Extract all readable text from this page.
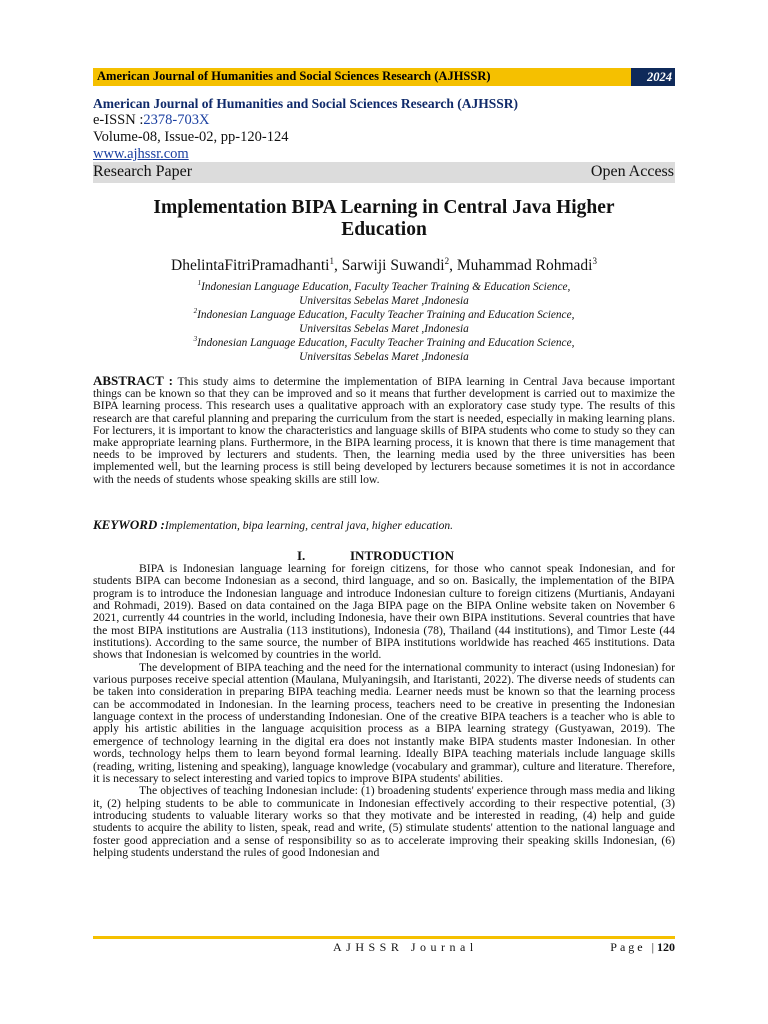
American Journal of Humanities and Social Sciences Research (AJHSSR)	2024
American Journal of Humanities and Social Sciences Research (AJHSSR)
e-ISSN :2378-703X
Volume-08, Issue-02, pp-120-124
www.ajhssr.com
Research Paper	Open Access
Implementation BIPA Learning in Central Java Higher
Education
DhelintaFitriPramadhanti$^1$, Sarwiji Suwandi$^2$, Muhammad Rohmadi$^3$
$^1$Indonesian Language Education, Faculty Teacher Training & Education Science,
Universitas Sebelas Maret ,Indonesia
$^2$Indonesian Language Education, Faculty Teacher Training and Education Science,
Universitas Sebelas Maret ,Indonesia
$^3$Indonesian Language Education, Faculty Teacher Training and Education Science,
Universitas Sebelas Maret ,Indonesia
ABSTRACT : This study aims to determine the implementation of BIPA learning in Central Java because important things can be known so that they can be improved and so it means that further development is carried out to maximize the BIPA learning process. This research uses a qualitative approach with an exploratory case study type. The results of this research are that careful planning and preparing the curriculum from the start is needed, especially in making learning plans. For lecturers, it is important to know the characteristics and language skills of BIPA students who come to study so they can make appropriate learning plans. Furthermore, in the BIPA learning process, it is known that there is time management that needs to be improved by lecturers and students. Then, the learning media used by the three universities has been implemented well, but the learning process is still being developed by lecturers because sometimes it is not in accordance with the needs of students whose speaking skills are still low.
KEYWORD :Implementation, bipa learning, central java, higher education.
I.	INTRODUCTION

BIPA is Indonesian language learning for foreign citizens, for those who cannot speak Indonesian, and for students BIPA can become Indonesian as a second, third language, and so on. Basically, the implementation of the BIPA program is to introduce the Indonesian language and introduce Indonesian culture to foreign citizens (Murtianis, Andayani and Rohmadi, 2019). Based on data contained on the Jaga BIPA page on the BIPA Online website taken on November 6 2021, currently 44 countries in the world, including Indonesia, have their own BIPA institutions. Several countries that have the most BIPA institutions are Australia (113 institutions), Indonesia (78), Thailand (44 institutions), and Timor Leste (44 institutions). According to the same source, the number of BIPA institutions worldwide has reached 465 institutions. Data shows that Indonesian is welcomed by countries in the world.

The development of BIPA teaching and the need for the international community to interact (using Indonesian) for various purposes receive special attention (Maulana, Mulyaningsih, and Itaristanti, 2022). The diverse needs of students can be taken into consideration in preparing BIPA teaching media. Learner needs must be known so that the learning process can be accommodated in Indonesian. In the learning process, teachers need to be creative in presenting the Indonesian language context in the process of understanding Indonesian. One of the creative BIPA teachers is a teacher who is able to apply his artistic abilities in the language acquisition process as a BIPA learning strategy (Gustyawan, 2019). The emergence of technology learning in the digital era does not instantly make BIPA students master Indonesian. In other words, technology helps them to learn beyond formal learning. Ideally BIPA teaching materials include language skills (reading, writing, listening and speaking), language knowledge (vocabulary and grammar), culture and literature. Therefore, it is necessary to select interesting and varied topics to improve BIPA students' abilities.

The objectives of teaching Indonesian include: (1) broadening students' experience through mass media and liking it, (2) helping students to be able to communicate in Indonesian effectively according to their respective potential, (3) introducing students to valuable literary works so that they motivate and be interested in reading, (4) help and guide students to acquire the ability to listen, speak, read and write, (5) stimulate students' attention to the national language and foster good appreciation and a sense of responsibility so as to accelerate improving their speaking skills Indonesian, (6) helping students understand the rules of good Indonesian and

AJHSSR Journal	Page |120
